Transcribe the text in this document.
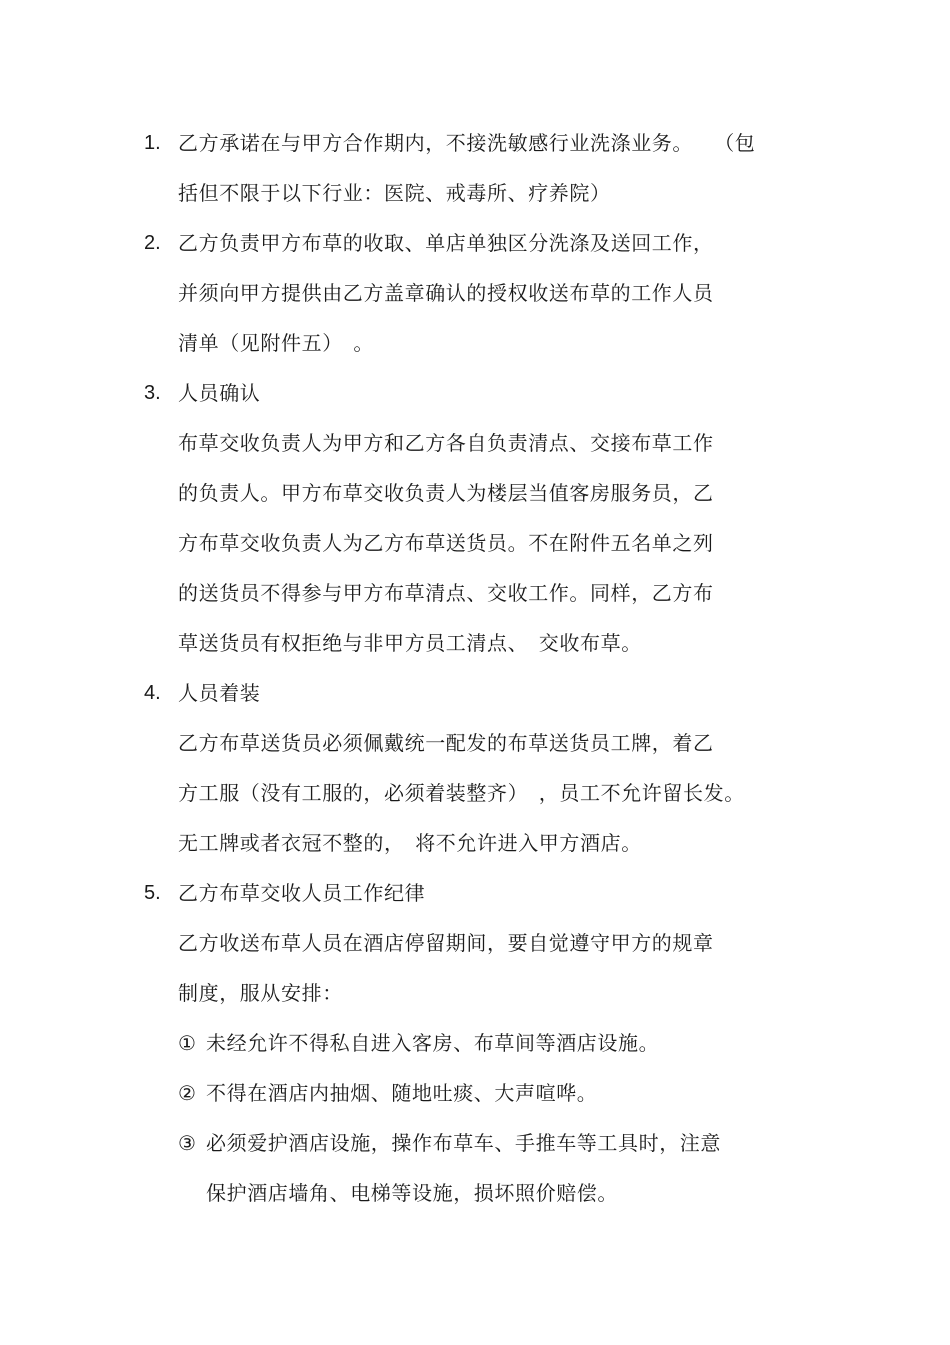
1. 乙方承诺在与甲方合作期内，不接洗敏感行业洗涤业务。　　（包
括但不限于以下行业：医院、戒毒所、疗养院）
2. 乙方负责甲方布草的收取、单店单独区分洗涤及送回工作，
并须向甲方提供由乙方盖章确认的授权收送布草的工作人员
清单（见附件五）　。
3. 人员确认
布草交收负责人为甲方和乙方各自负责清点、交接布草工作
的负责人。甲方布草交收负责人为楼层当值客房服务员，乙
方布草交收负责人为乙方布草送货员。不在附件五名单之列
的送货员不得参与甲方布草清点、交收工作。同样，乙方布
草送货员有权拒绝与非甲方员工清点、　交收布草。
4. 人员着装
乙方布草送货员必须佩戴统一配发的布草送货员工牌，着乙
方工服（没有工服的，必须着装整齐）　，员工不允许留长发。
无工牌或者衣冠不整的，　将不允许进入甲方酒店。
5. 乙方布草交收人员工作纪律
乙方收送布草人员在酒店停留期间，要自觉遵守甲方的规章
制度，服从安排：
① 未经允许不得私自进入客房、布草间等酒店设施。
② 不得在酒店内抽烟、随地吐痰、大声喧哗。
③ 必须爱护酒店设施，操作布草车、手推车等工具时，注意
保护酒店墙角、电梯等设施，损坏照价赔偿。
